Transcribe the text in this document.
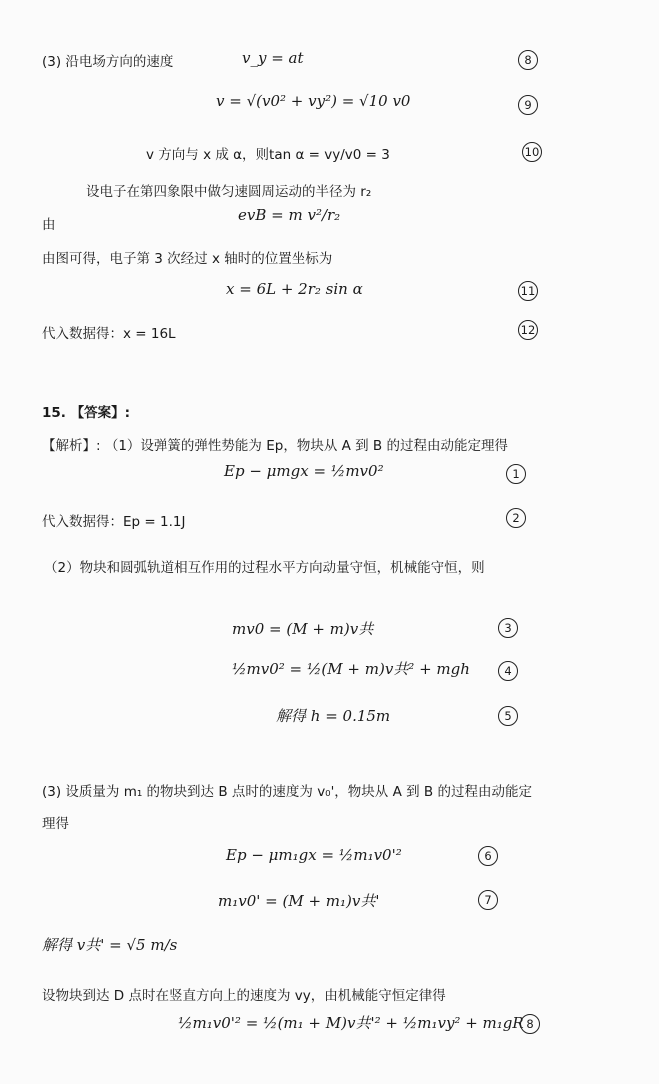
(3) 沿电场方向的速度	v_y = at	8
v = √(v0² + vy²) = √10 v0	9
v 方向与 x 成 α，则tan α = vy/v0 = 3	10
设电子在第四象限中做匀速圆周运动的半径为 r₂
由
evB = m v²/r₂
由图可得，电子第 3 次经过 x 轴时的位置坐标为
x = 6L + 2r₂ sin α	11
代入数据得：x = 16L	12
15. 【答案】:
【解析】: （1）设弹簧的弹性势能为 Ep，物块从 A 到 B 的过程由动能定理得
Ep − μmgx = ½mv0²	1
代入数据得：Ep = 1.1J	2
（2）物块和圆弧轨道相互作用的过程水平方向动量守恒，机械能守恒，则
mv0 = (M + m)v共	3
½mv0² = ½(M + m)v共² + mgh	4
解得 h = 0.15m	5
(3) 设质量为 m₁ 的物块到达 B 点时的速度为 v₀'，物块从 A 到 B 的过程由动能定
理得
Ep − μm₁gx = ½m₁v0'²	6
m₁v0' = (M + m₁)v共'	7
解得 v共' = √5 m/s
设物块到达 D 点时在竖直方向上的速度为 vy，由机械能守恒定律得
½m₁v0'² = ½(m₁ + M)v共'² + ½m₁vy² + m₁gR 8
